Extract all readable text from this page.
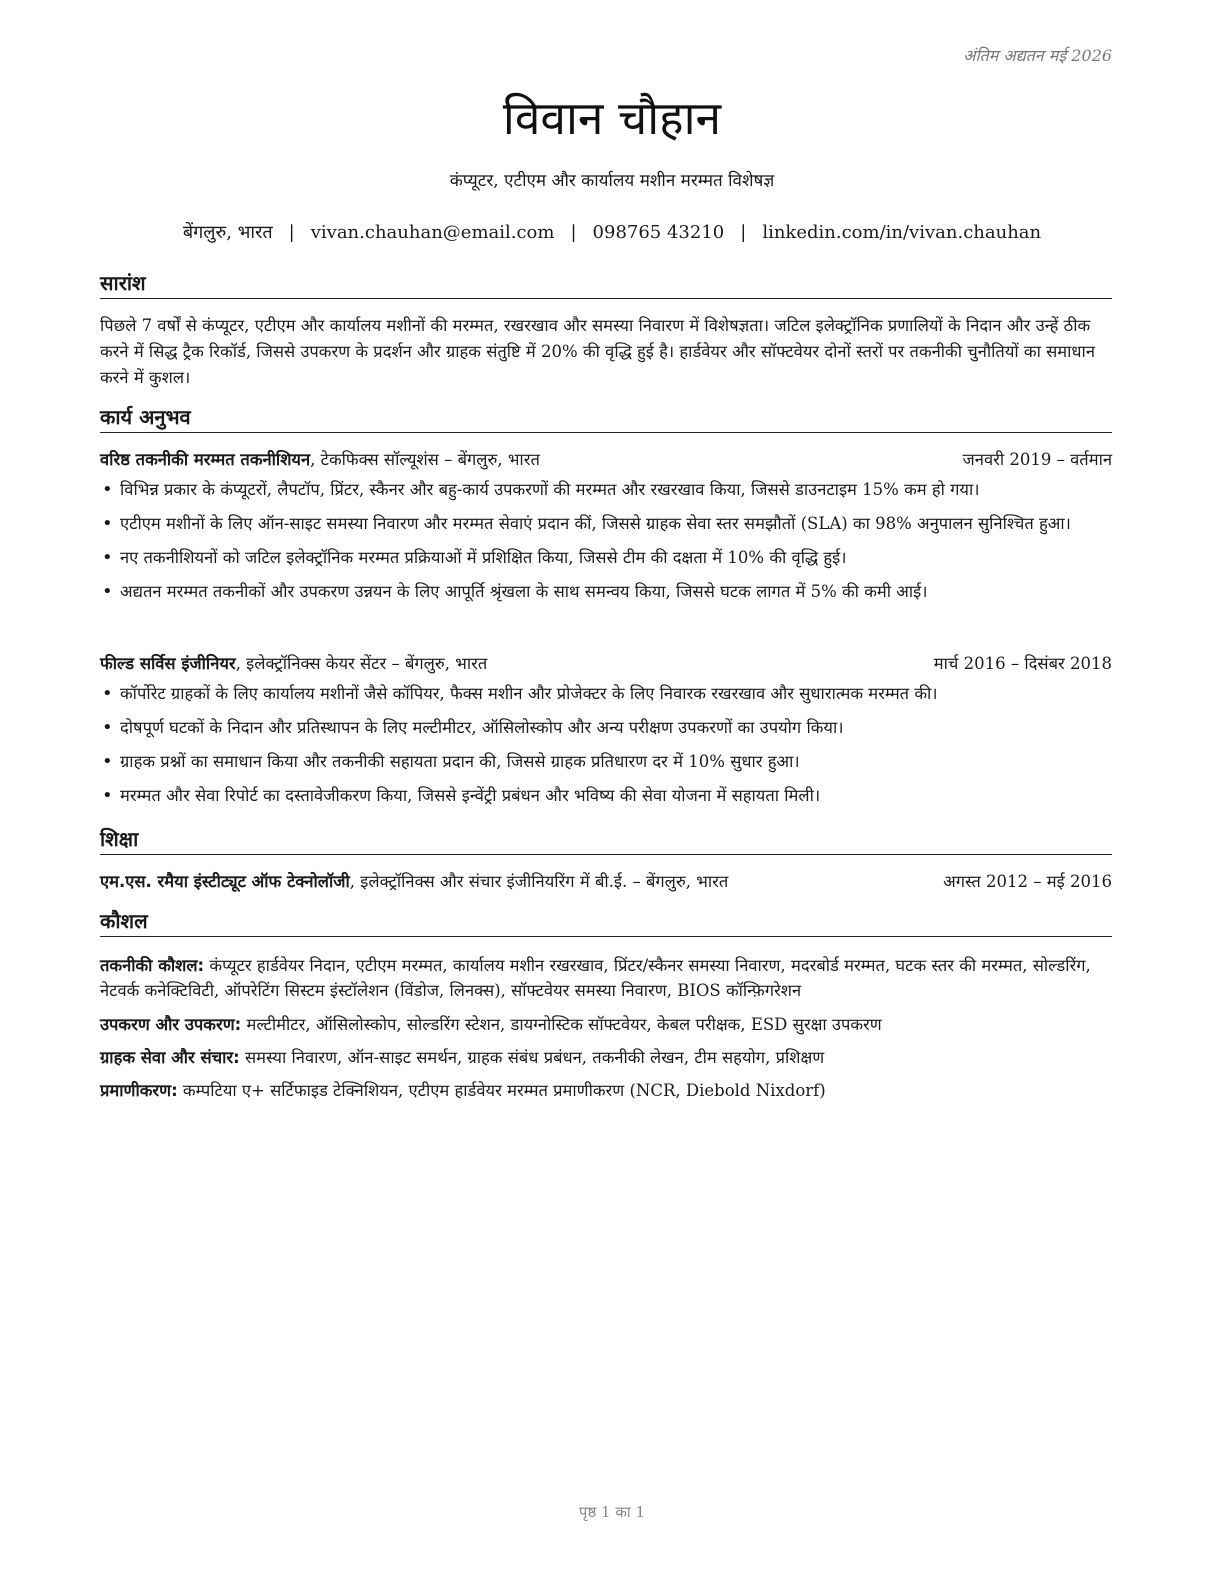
अंतिम अद्यतन मई 2026
विवान चौहान
कंप्यूटर, एटीएम और कार्यालय मशीन मरम्मत विशेषज्ञ
बेंगलुरु, भारत | vivan.chauhan@email.com | 098765 43210 | linkedin.com/in/vivan.chauhan
सारांश
पिछले 7 वर्षों से कंप्यूटर, एटीएम और कार्यालय मशीनों की मरम्मत, रखरखाव और समस्या निवारण में विशेषज्ञता। जटिल इलेक्ट्रॉनिक प्रणालियों के निदान और उन्हें ठीक करने में सिद्ध ट्रैक रिकॉर्ड, जिससे उपकरण के प्रदर्शन और ग्राहक संतुष्टि में 20% की वृद्धि हुई है। हार्डवेयर और सॉफ्टवेयर दोनों स्तरों पर तकनीकी चुनौतियों का समाधान करने में कुशल।
कार्य अनुभव
वरिष्ठ तकनीकी मरम्मत तकनीशियन, टेकफिक्स सॉल्यूशंस – बेंगलुरु, भारत	जनवरी 2019 – वर्तमान
• विभिन्न प्रकार के कंप्यूटरों, लैपटॉप, प्रिंटर, स्कैनर और बहु-कार्य उपकरणों की मरम्मत और रखरखाव किया, जिससे डाउनटाइम 15% कम हो गया।
• एटीएम मशीनों के लिए ऑन-साइट समस्या निवारण और मरम्मत सेवाएं प्रदान कीं, जिससे ग्राहक सेवा स्तर समझौतों (SLA) का 98% अनुपालन सुनिश्चित हुआ।
• नए तकनीशियनों को जटिल इलेक्ट्रॉनिक मरम्मत प्रक्रियाओं में प्रशिक्षित किया, जिससे टीम की दक्षता में 10% की वृद्धि हुई।
• अद्यतन मरम्मत तकनीकों और उपकरण उन्नयन के लिए आपूर्ति श्रृंखला के साथ समन्वय किया, जिससे घटक लागत में 5% की कमी आई।
फील्ड सर्विस इंजीनियर, इलेक्ट्रॉनिक्स केयर सेंटर – बेंगलुरु, भारत	मार्च 2016 – दिसंबर 2018
• कॉर्पोरेट ग्राहकों के लिए कार्यालय मशीनों जैसे कॉपियर, फैक्स मशीन और प्रोजेक्टर के लिए निवारक रखरखाव और सुधारात्मक मरम्मत की।
• दोषपूर्ण घटकों के निदान और प्रतिस्थापन के लिए मल्टीमीटर, ऑसिलोस्कोप और अन्य परीक्षण उपकरणों का उपयोग किया।
• ग्राहक प्रश्नों का समाधान किया और तकनीकी सहायता प्रदान की, जिससे ग्राहक प्रतिधारण दर में 10% सुधार हुआ।
• मरम्मत और सेवा रिपोर्ट का दस्तावेजीकरण किया, जिससे इन्वेंट्री प्रबंधन और भविष्य की सेवा योजना में सहायता मिली।
शिक्षा
एम.एस. रमैया इंस्टीट्यूट ऑफ टेक्नोलॉजी, इलेक्ट्रॉनिक्स और संचार इंजीनियरिंग में बी.ई. – बेंगलुरु, भारत	अगस्त 2012 – मई 2016
कौशल
तकनीकी कौशल: कंप्यूटर हार्डवेयर निदान, एटीएम मरम्मत, कार्यालय मशीन रखरखाव, प्रिंटर/स्कैनर समस्या निवारण, मदरबोर्ड मरम्मत, घटक स्तर की मरम्मत, सोल्डरिंग, नेटवर्क कनेक्टिविटी, ऑपरेटिंग सिस्टम इंस्टॉलेशन (विंडोज, लिनक्स), सॉफ्टवेयर समस्या निवारण, BIOS कॉन्फ़िगरेशन
उपकरण और उपकरण: मल्टीमीटर, ऑसिलोस्कोप, सोल्डरिंग स्टेशन, डायग्नोस्टिक सॉफ्टवेयर, केबल परीक्षक, ESD सुरक्षा उपकरण
ग्राहक सेवा और संचार: समस्या निवारण, ऑन-साइट समर्थन, ग्राहक संबंध प्रबंधन, तकनीकी लेखन, टीम सहयोग, प्रशिक्षण
प्रमाणीकरण: कम्पटिया ए+ सर्टिफाइड टेक्निशियन, एटीएम हार्डवेयर मरम्मत प्रमाणीकरण (NCR, Diebold Nixdorf)
पृष्ठ 1 का 1
